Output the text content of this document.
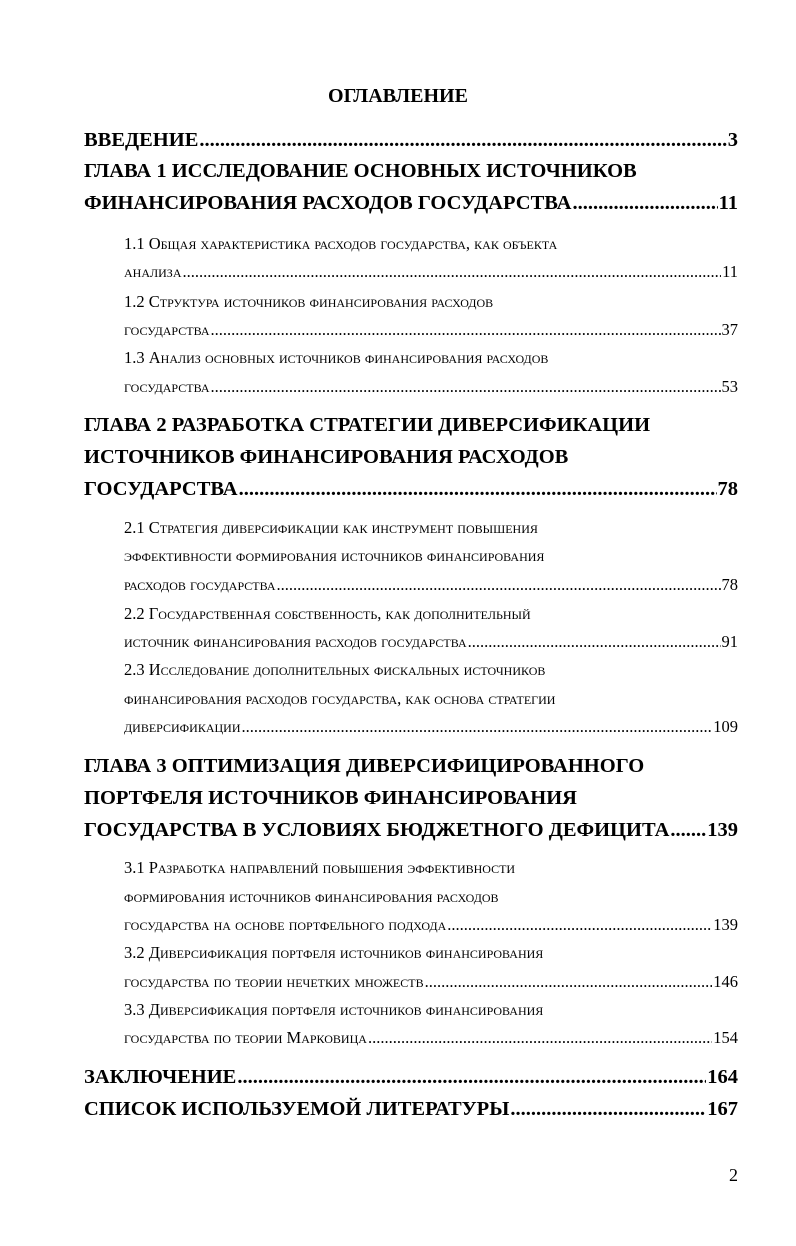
ОГЛАВЛЕНИЕ
ВВЕДЕНИЕ .....	3
ГЛАВА 1 ИССЛЕДОВАНИЕ ОСНОВНЫХ ИСТОЧНИКОВ
ФИНАНСИРОВАНИЯ РАСХОДОВ ГОСУДАРСТВА .....	11
1.1 Общая характеристика расходов государства, как объекта
анализа .....	11
1.2 Структура источников финансирования расходов
государства .....	37
1.3 Анализ основных источников финансирования расходов
государства .....	53
ГЛАВА 2 РАЗРАБОТКА СТРАТЕГИИ ДИВЕРСИФИКАЦИИ
ИСТОЧНИКОВ ФИНАНСИРОВАНИЯ РАСХОДОВ
ГОСУДАРСТВА .....	78
2.1 Стратегия диверсификации как инструмент повышения
эффективности формирования источников финансирования
расходов государства .....	78
2.2 Государственная собственность, как дополнительный
источник финансирования расходов государства .....	91
2.3 Исследование дополнительных фискальных источников
финансирования расходов государства, как основа стратегии
диверсификации .....	109
ГЛАВА 3 ОПТИМИЗАЦИЯ ДИВЕРСИФИЦИРОВАННОГО
ПОРТФЕЛЯ ИСТОЧНИКОВ ФИНАНСИРОВАНИЯ
ГОСУДАРСТВА В УСЛОВИЯХ БЮДЖЕТНОГО ДЕФИЦИТА ..... 139
3.1 Разработка направлений повышения эффективности
формирования источников финансирования расходов
государства на основе портфельного подхода .....	139
3.2 Диверсификация портфеля источников финансирования
государства по теории нечетких множеств .....	146
3.3 Диверсификация портфеля источников финансирования
государства по теории Марковица .....	154
ЗАКЛЮЧЕНИЕ .....	164
СПИСОК ИСПОЛЬЗУЕМОЙ ЛИТЕРАТУРЫ .....	167
2
